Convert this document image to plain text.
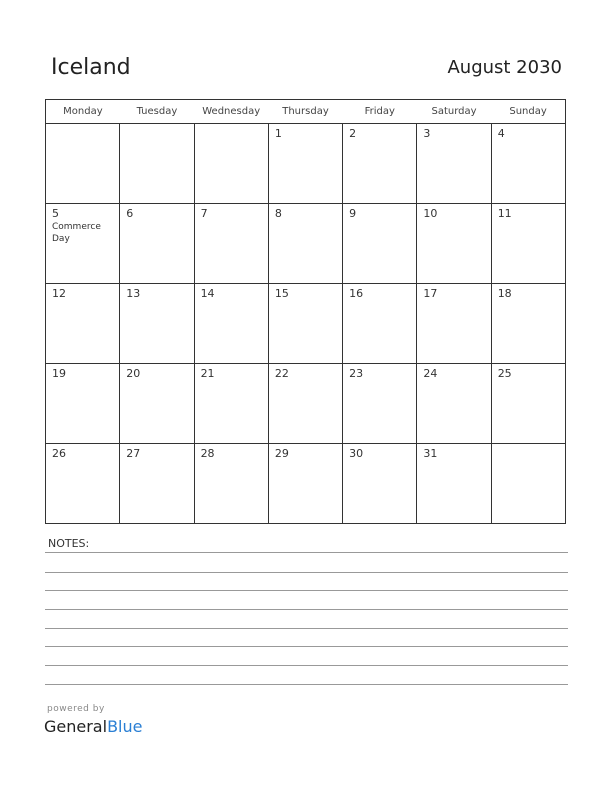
Iceland	August 2030
Monday	Tuesday	Wednesday	Thursday	Friday	Saturday	Sunday

			1	2	3	4

5
Commerce Day	6	7	8	9	10	11

12	13	14	15	16	17	18

19	20	21	22	23	24	25

26	27	28	29	30	31	

NOTES:
powered by
GeneralBlue
